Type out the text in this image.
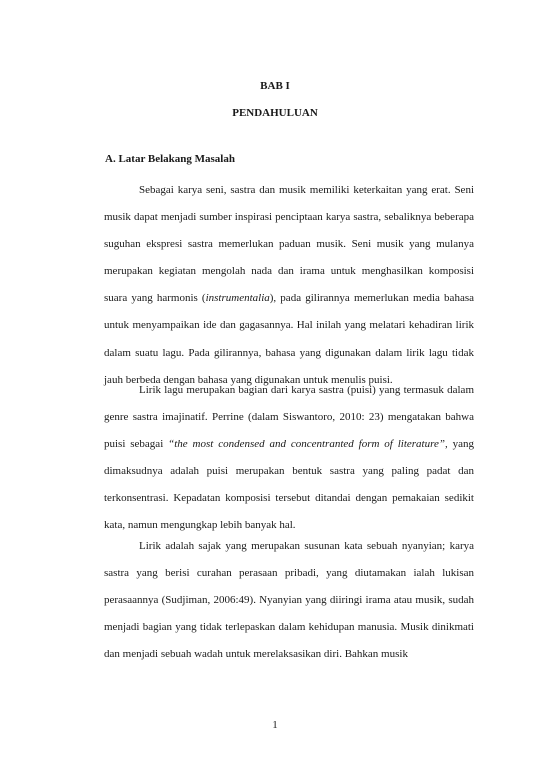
BAB I
PENDAHULUAN
A. Latar Belakang Masalah

Sebagai karya seni, sastra dan musik memiliki keterkaitan yang erat. Seni musik dapat menjadi sumber inspirasi penciptaan karya sastra, sebaliknya beberapa suguhan ekspresi sastra memerlukan paduan musik. Seni musik yang mulanya merupakan kegiatan mengolah nada dan irama untuk menghasilkan komposisi suara yang harmonis (instrumentalia), pada gilirannya memerlukan media bahasa untuk menyampaikan ide dan gagasannya. Hal inilah yang melatari kehadiran lirik dalam suatu lagu. Pada gilirannya, bahasa yang digunakan dalam lirik lagu tidak jauh berbeda dengan bahasa yang digunakan untuk menulis puisi.

Lirik lagu merupakan bagian dari karya sastra (puisi) yang termasuk dalam genre sastra imajinatif. Perrine (dalam Siswantoro, 2010: 23) mengatakan bahwa puisi sebagai “the most condensed and concentranted form of literature”, yang dimaksudnya adalah puisi merupakan bentuk sastra yang paling padat dan terkonsentrasi. Kepadatan komposisi tersebut ditandai dengan pemakaian sedikit kata, namun mengungkap lebih banyak hal.

Lirik adalah sajak yang merupakan susunan kata sebuah nyanyian; karya sastra yang berisi curahan perasaan pribadi, yang diutamakan ialah lukisan perasaannya (Sudjiman, 2006:49). Nyanyian yang diiringi irama atau musik, sudah menjadi bagian yang tidak terlepaskan dalam kehidupan manusia. Musik dinikmati dan menjadi sebuah wadah untuk merelaksasikan diri. Bahkan musik

1
